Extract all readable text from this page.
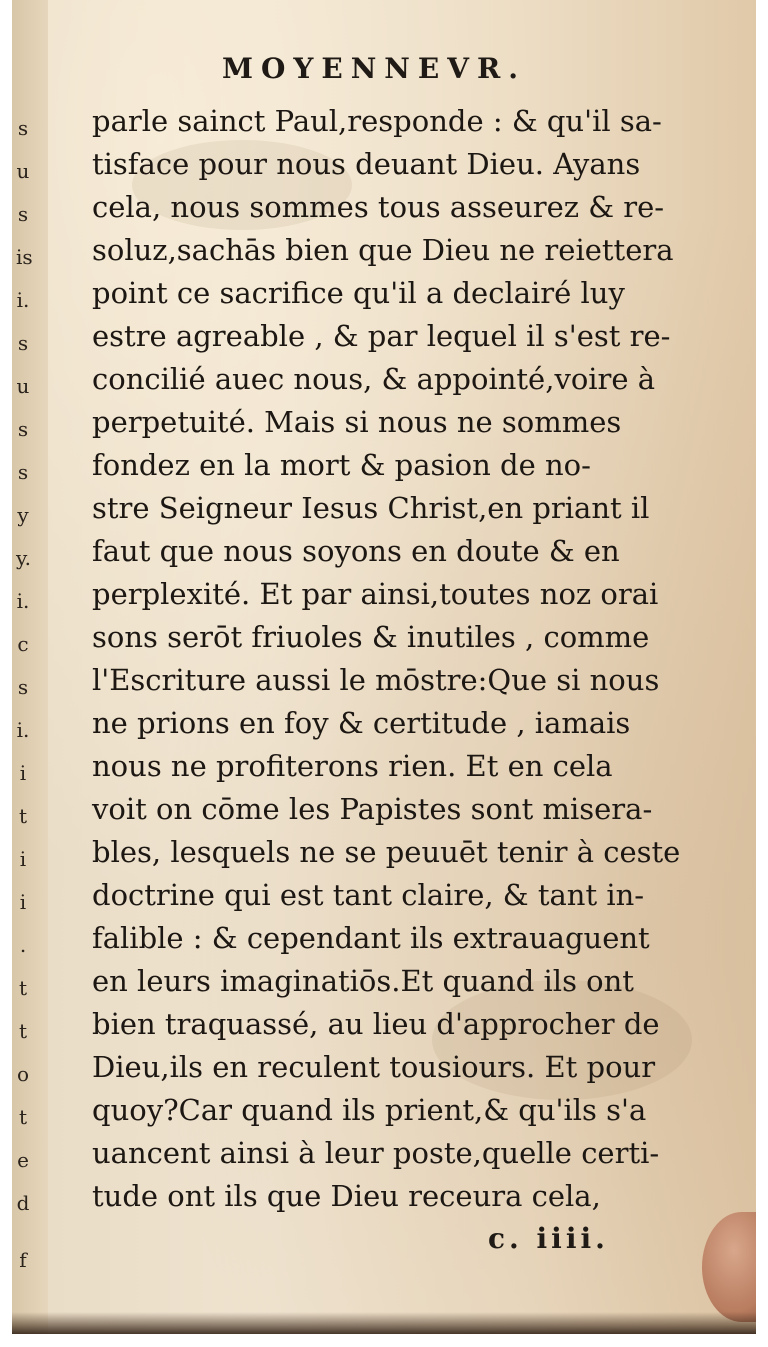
s
u
s
is
i.
s
u
s
s
y
y.
i.
c
s
i.
i
t
i
i
.
t
t
o
t
e
d
f
MOYENNEVR.
parle sainct Paul,responde : & qu'il sa-
tisface pour nous deuant Dieu. Ayans
cela, nous sommes tous asseurez & re-
soluz,sachās bien que Dieu ne reiettera
point ce sacrifice qu'il a declairé luy
estre agreable , & par lequel il s'est re-
concilié auec nous, & appointé,voire à
perpetuité. Mais si nous ne sommes
fondez en la mort & pasion de no-
stre Seigneur Iesus Christ,en priant il
faut que nous soyons en doute & en
perplexité. Et par ainsi,toutes noz orai
sons serōt friuoles & inutiles , comme
l'Escriture aussi le mōstre:Que si nous
ne prions en foy & certitude , iamais
nous ne profiterons rien. Et en cela
voit on cōme les Papistes sont misera-
bles, lesquels ne se peuuēt tenir à ceste
doctrine qui est tant claire, & tant in-
falible : & cependant ils extrauaguent
en leurs imaginatiōs.Et quand ils ont
bien traquassé, au lieu d'approcher de
Dieu,ils en reculent tousiours. Et pour
quoy?Car quand ils prient,& qu'ils s'a
uancent ainsi à leur poste,quelle certi-
tude ont ils que Dieu receura cela,
c. iiii.
